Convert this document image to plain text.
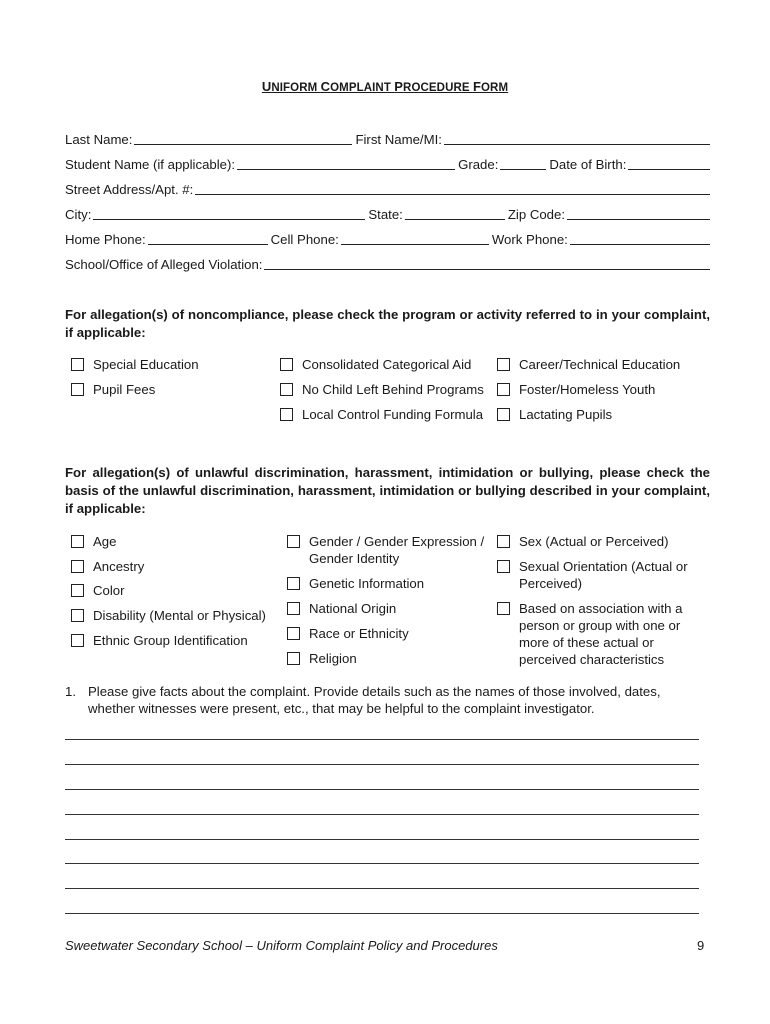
UNIFORM COMPLAINT PROCEDURE FORM
Last Name:	First Name/MI:
Student Name (if applicable):	Grade:	Date of Birth:
Street Address/Apt. #:
City:	State:	Zip Code:
Home Phone:	Cell Phone:	Work Phone:
School/Office of Alleged Violation:
For allegation(s) of noncompliance, please check the program or activity referred to in your complaint, if applicable:
Special Education
Pupil Fees
Consolidated Categorical Aid
No Child Left Behind Programs
Local Control Funding Formula
Career/Technical Education
Foster/Homeless Youth
Lactating Pupils
For allegation(s) of unlawful discrimination, harassment, intimidation or bullying, please check the basis of the unlawful discrimination, harassment, intimidation or bullying described in your complaint, if applicable:
Age
Ancestry
Color
Disability (Mental or Physical)
Ethnic Group Identification
Gender / Gender Expression / Gender Identity
Genetic Information
National Origin
Race or Ethnicity
Religion
Sex (Actual or Perceived)
Sexual Orientation (Actual or Perceived)
Based on association with a person or group with one or more of these actual or perceived characteristics
1. Please give facts about the complaint. Provide details such as the names of those involved, dates, whether witnesses were present, etc., that may be helpful to the complaint investigator.
Sweetwater Secondary School – Uniform Complaint Policy and Procedures	9
